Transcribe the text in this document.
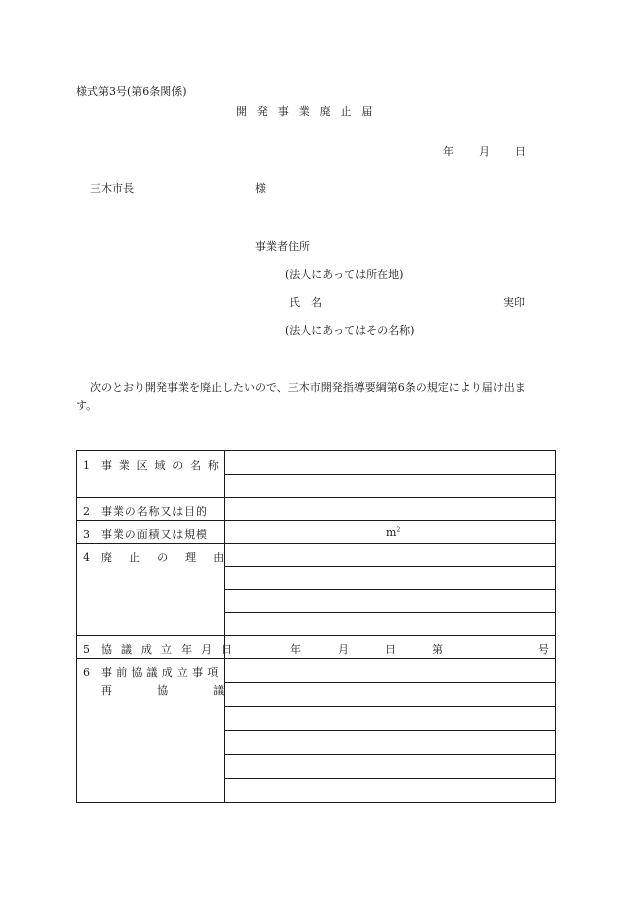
様式第3号(第6条関係)
開発事業廃止届
年 月 日
三木市長	様
事業者住所
(法人にあっては所在地)
氏　名	実印
(法人にあってはその名称)
次のとおり開発事業を廃止したいので、三木市開発指導要綱第6条の規定により届け出ま
す。
1 事業区域の名称
2 事業の名称又は目的
3 事業の面積又は規模	$m^2$
4 廃止の理由
5 協議成立年月日	年	月	日	第	号
6 事前協議成立事項
再協議
